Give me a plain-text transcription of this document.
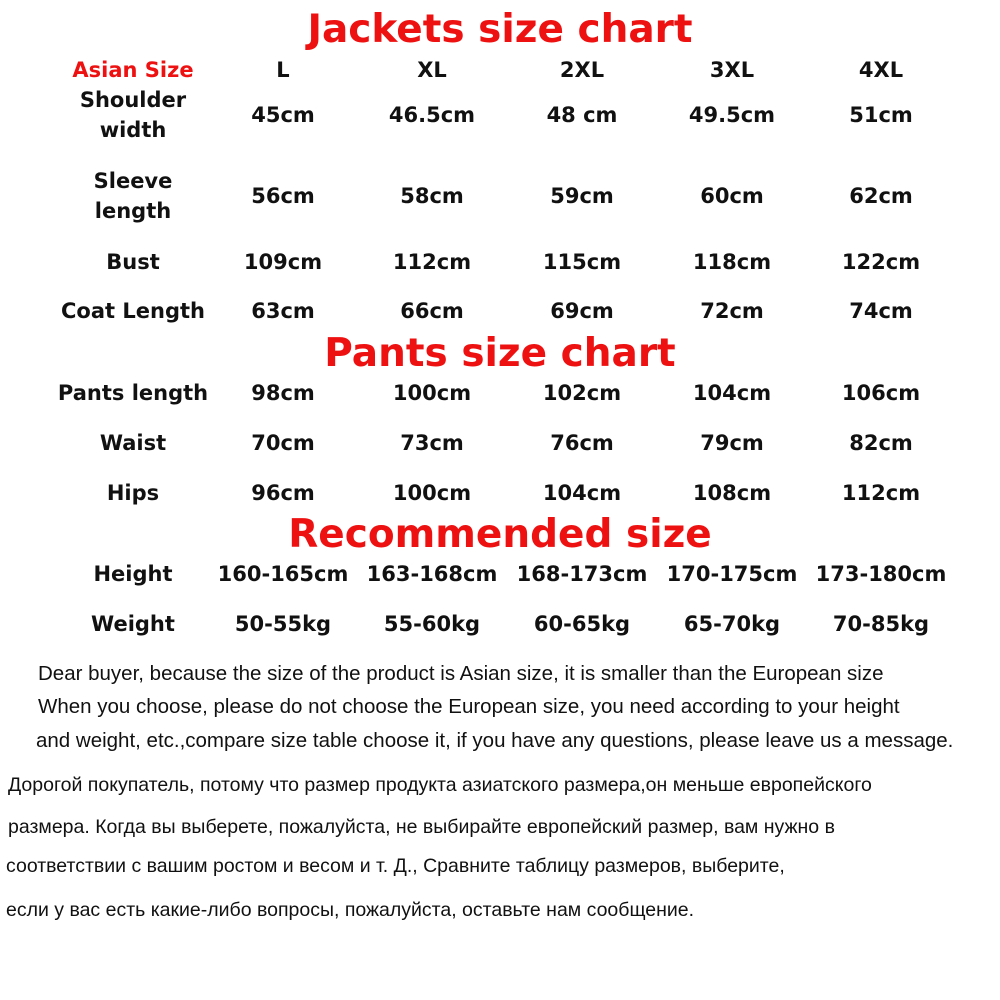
Jackets size chart
Pants size chart
Recommended size
Asian Size	L	XL	2XL	3XL	4XL
Shoulder
width
45cm	46.5cm	48 cm	49.5cm	51cm
Sleeve
length
56cm	58cm	59cm	60cm	62cm
Bust	109cm	112cm	115cm	118cm	122cm
Coat Length	63cm	66cm	69cm	72cm	74cm
Pants length	98cm	100cm	102cm	104cm	106cm
Waist	70cm	73cm	76cm	79cm	82cm
Hips	96cm	100cm	104cm	108cm	112cm
Height	160-165cm 163-168cm 168-173cm 170-175cm 173-180cm
Weight	50-55kg	55-60kg	60-65kg	65-70kg	70-85kg
Dear buyer, because the size of the product is Asian size, it is smaller than the European size
When you choose, please do not choose the European size, you need according to your height
and weight, etc.,compare size table choose it, if you have any questions, please leave us a message.
Дорогой покупатель, потому что размер продукта азиатского размера,он меньше европейского
размера. Когда вы выберете, пожалуйста, не выбирайте европейский размер, вам нужно в
соответствии с вашим ростом и весом и т. Д., Сравните таблицу размеров, выберите,
если у вас есть какие-либо вопросы, пожалуйста, оставьте нам сообщение.
